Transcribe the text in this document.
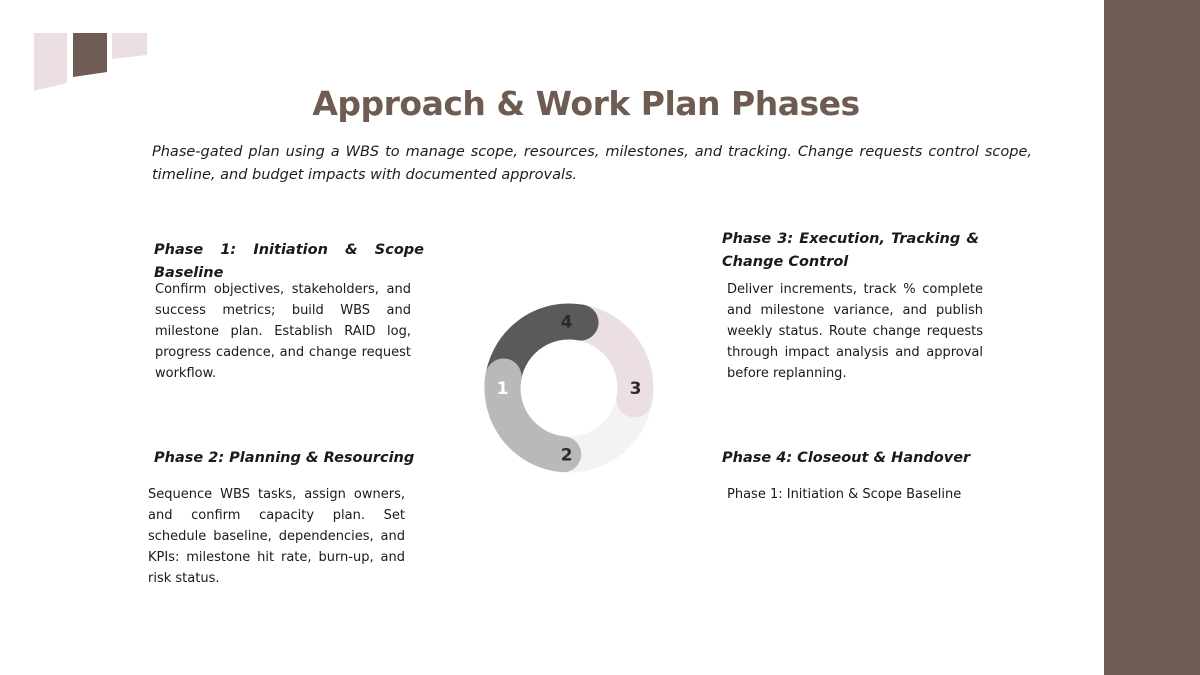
Approach & Work Plan Phases
Phase-gated plan using a WBS to manage scope, resources, milestones, and tracking. Change requests control scope, timeline, and budget impacts with documented approvals.
Phase 1: Initiation & Scope Baseline
Confirm objectives, stakeholders, and success metrics; build WBS and milestone plan. Establish RAID log, progress cadence, and change request workflow.
Phase 2: Planning & Resourcing
Sequence WBS tasks, assign owners, and confirm capacity plan. Set schedule baseline, dependencies, and KPIs: milestone hit rate, burn-up, and risk status.
Phase 3: Execution, Tracking & Change Control
Deliver increments, track % complete and milestone variance, and publish weekly status. Route change requests through impact analysis and approval before replanning.
Phase 4: Closeout & Handover
Phase 1: Initiation & Scope Baseline
1
2
3
4
